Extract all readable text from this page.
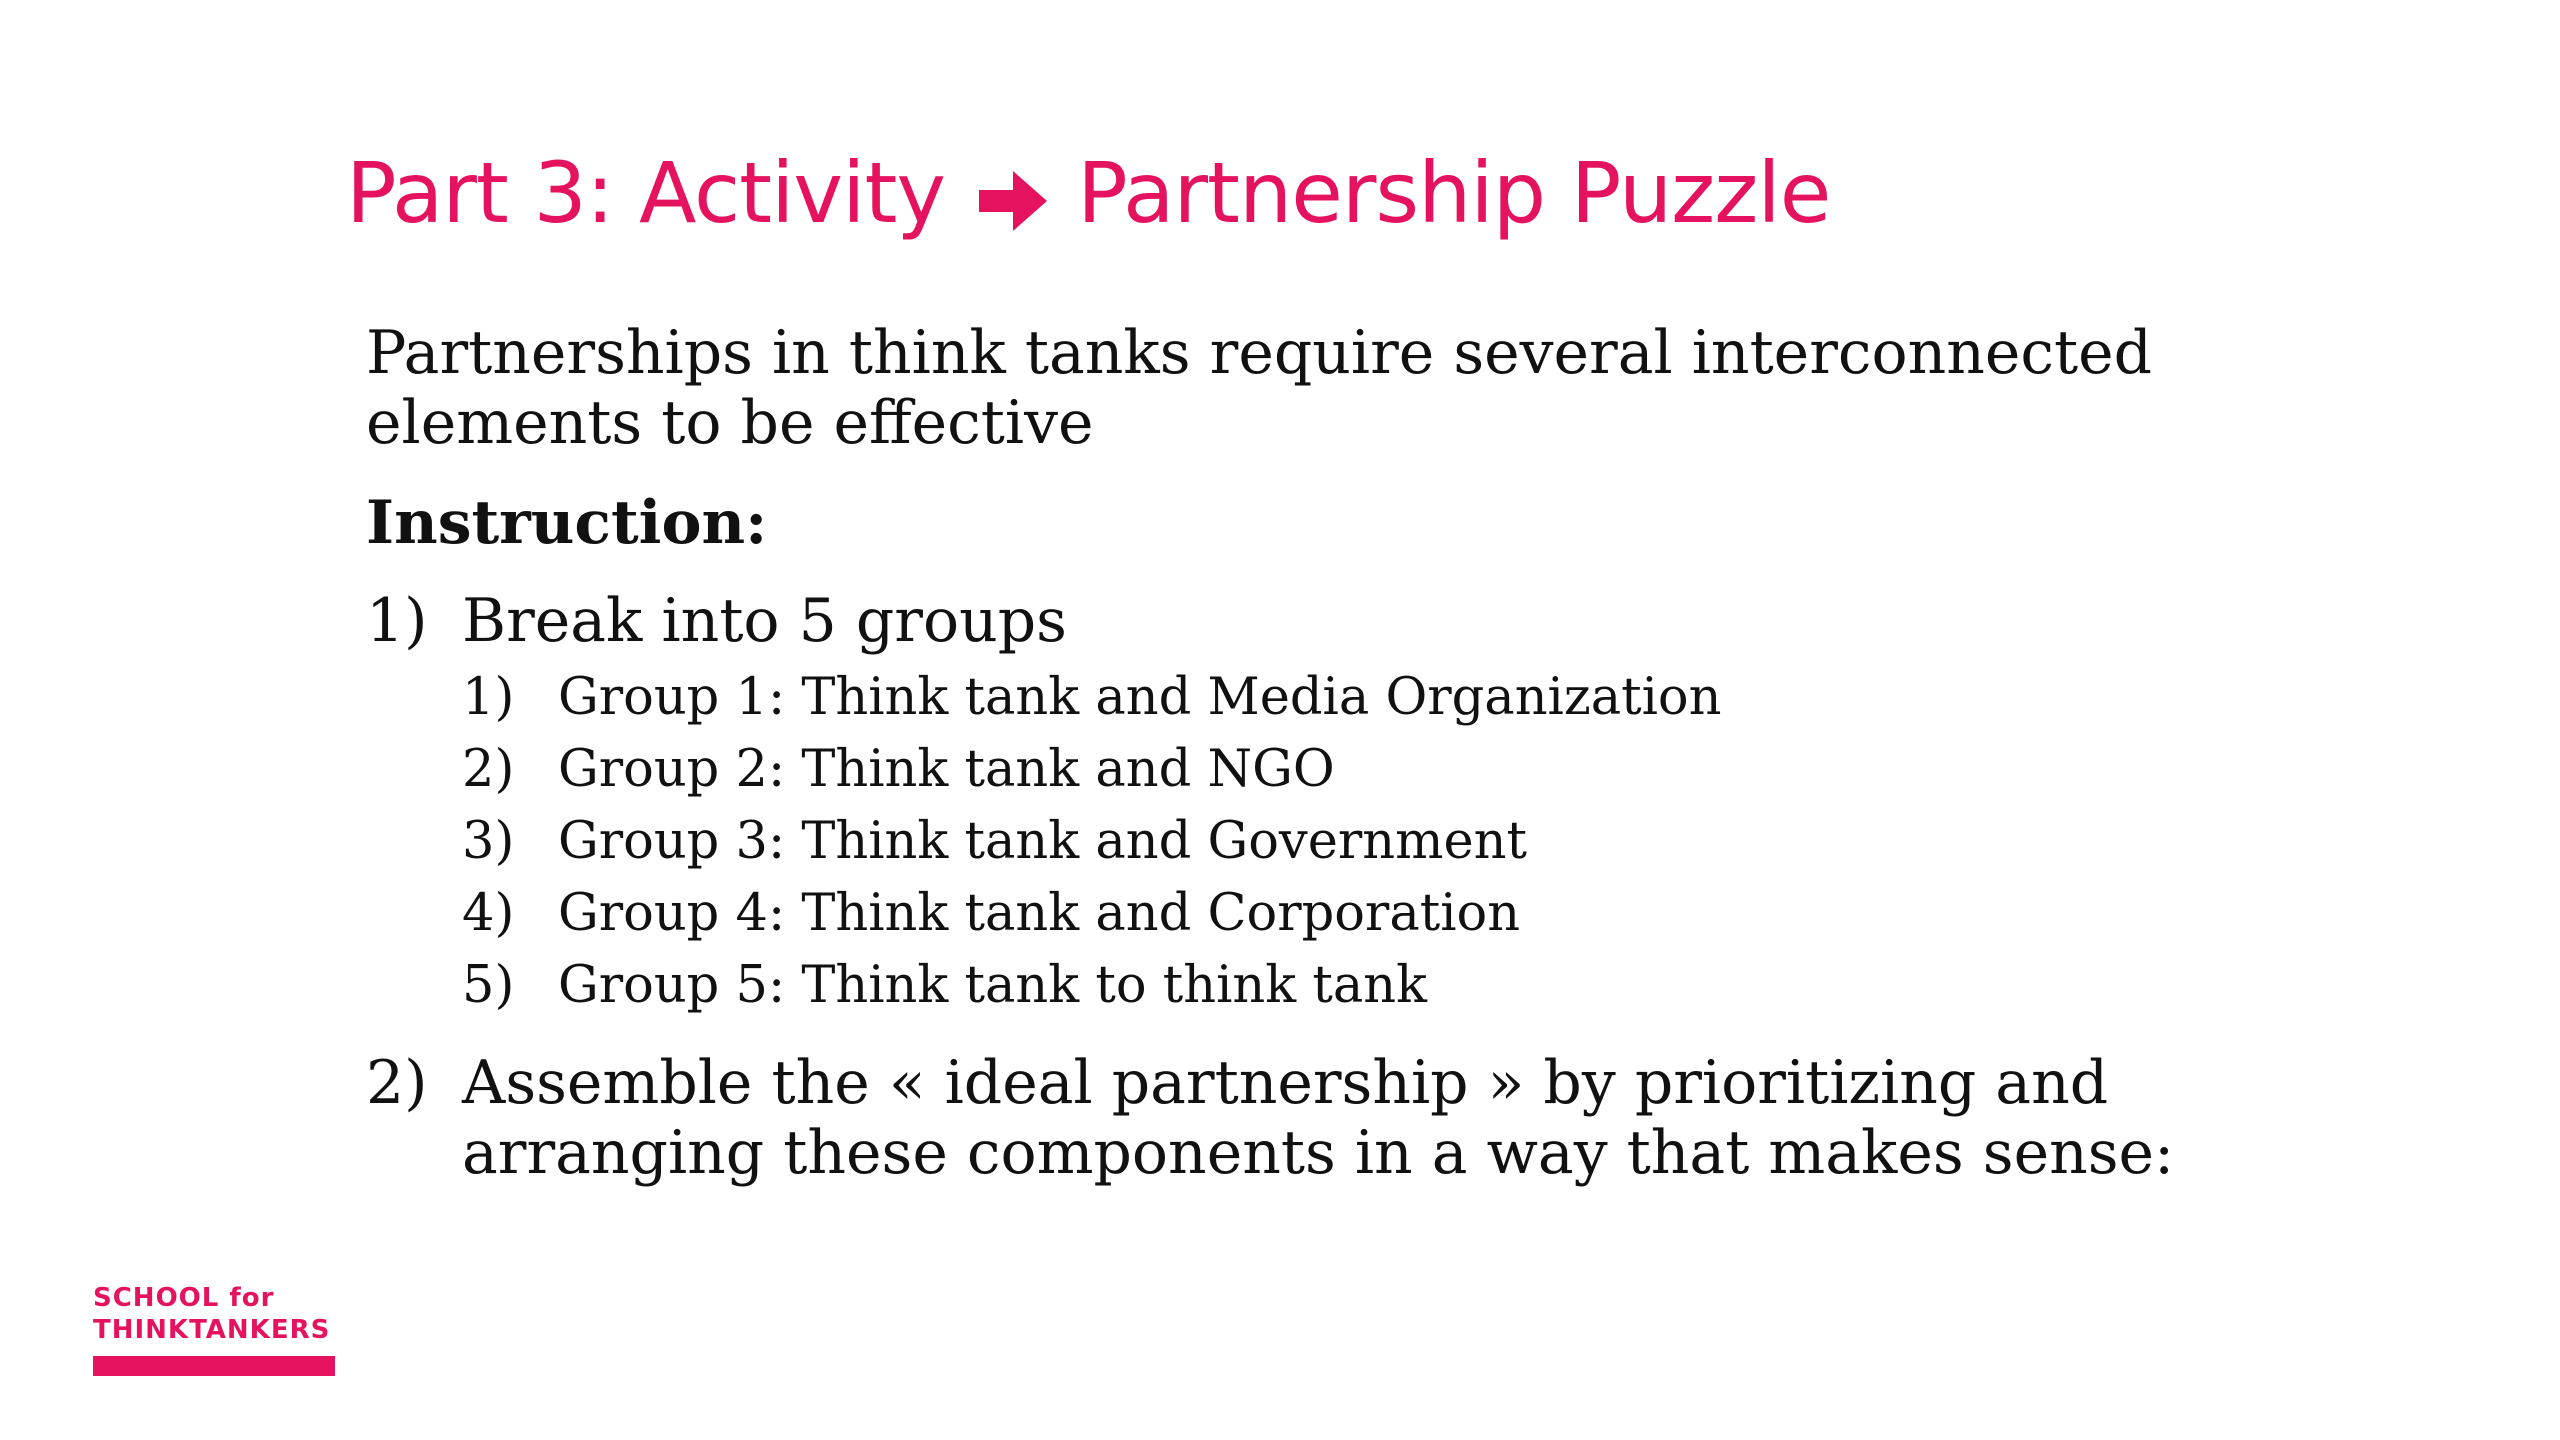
Part 3: Activity Partnership Puzzle

Partnerships in think tanks require several interconnected elements to be effective

Instruction:

1) Break into 5 groups
1) Group 1: Think tank and Media Organization
2) Group 2: Think tank and NGO
3) Group 3: Think tank and Government
4) Group 4: Think tank and Corporation
5) Group 5: Think tank to think tank
2) Assemble the « ideal partnership » by prioritizing and arranging these components in a way that makes sense:
SCHOOL for
THINKTANKERS
